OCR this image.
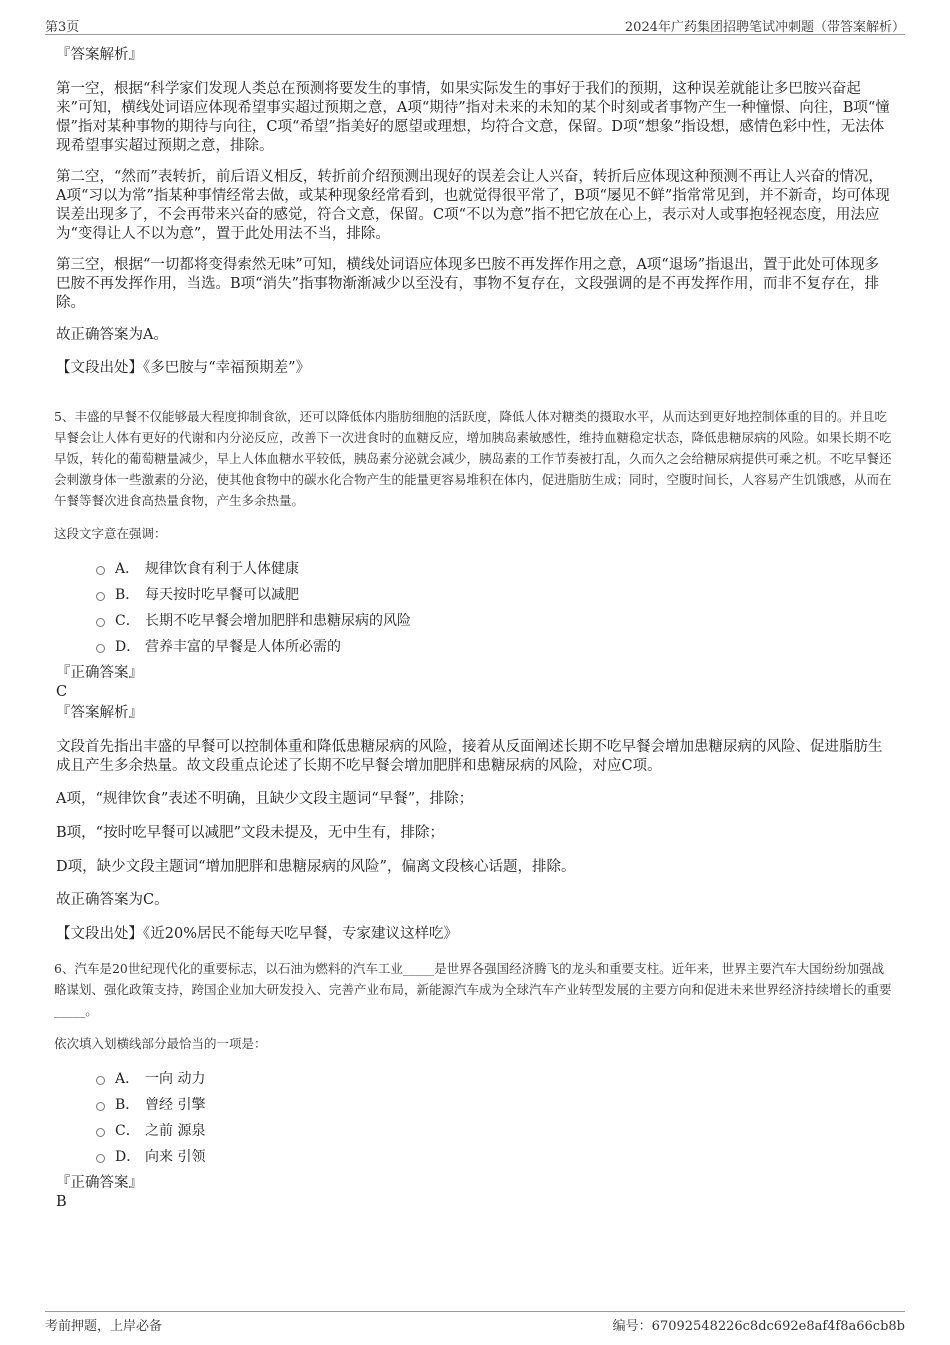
第3页	2024年广药集团招聘笔试冲刺题（带答案解析）

『答案解析』

第一空，根据“科学家们发现人类总在预测将要发生的事情，如果实际发生的事好于我们的预期，这种误差就能让多巴胺兴奋起来”可知，横线处词语应体现希望事实超过预期之意，A项“期待”指对未来的未知的某个时刻或者事物产生一种憧憬、向往，B项“憧憬”指对某种事物的期待与向往，C项“希望”指美好的愿望或理想，均符合文意，保留。D项“想象”指设想，感情色彩中性，无法体现希望事实超过预期之意，排除。

第二空，“然而”表转折，前后语义相反，转折前介绍预测出现好的误差会让人兴奋，转折后应体现这种预测不再让人兴奋的情况，A项“习以为常”指某种事情经常去做，或某种现象经常看到，也就觉得很平常了，B项“屡见不鲜”指常常见到，并不新奇，均可体现误差出现多了，不会再带来兴奋的感觉，符合文意，保留。C项“不以为意”指不把它放在心上，表示对人或事抱轻视态度，用法应为“变得让人不以为意”，置于此处用法不当，排除。

第三空，根据“一切都将变得索然无味”可知，横线处词语应体现多巴胺不再发挥作用之意，A项“退场”指退出，置于此处可体现多巴胺不再发挥作用，当选。B项“消失”指事物渐渐减少以至没有，事物不复存在，文段强调的是不再发挥作用，而非不复存在，排除。

故正确答案为A。

【文段出处】《多巴胺与“幸福预期差”》

5、丰盛的早餐不仅能够最大程度抑制食欲，还可以降低体内脂肪细胞的活跃度，降低人体对糖类的摄取水平，从而达到更好地控制体重的目的。并且吃早餐会让人体有更好的代谢和内分泌反应，改善下一次进食时的血糖反应，增加胰岛素敏感性，维持血糖稳定状态，降低患糖尿病的风险。如果长期不吃早饭，转化的葡萄糖量减少，早上人体血糖水平较低，胰岛素分泌就会减少，胰岛素的工作节奏被打乱，久而久之会给糖尿病提供可乘之机。不吃早餐还会刺激身体一些激素的分泌，使其他食物中的碳水化合物产生的能量更容易堆积在体内，促进脂肪生成；同时，空腹时间长，人容易产生饥饿感，从而在午餐等餐次进食高热量食物，产生多余热量。

这段文字意在强调：

A． 规律饮食有利于人体健康
B． 每天按时吃早餐可以减肥
C． 长期不吃早餐会增加肥胖和患糖尿病的风险
D． 营养丰富的早餐是人体所必需的

『正确答案』

C

『答案解析』

文段首先指出丰盛的早餐可以控制体重和降低患糖尿病的风险，接着从反面阐述长期不吃早餐会增加患糖尿病的风险、促进脂肪生成且产生多余热量。故文段重点论述了长期不吃早餐会增加肥胖和患糖尿病的风险，对应C项。

A项，“规律饮食”表述不明确，且缺少文段主题词“早餐”，排除；

B项，“按时吃早餐可以减肥”文段未提及，无中生有，排除；

D项，缺少文段主题词“增加肥胖和患糖尿病的风险”，偏离文段核心话题，排除。

故正确答案为C。

【文段出处】《近20%居民不能每天吃早餐，专家建议这样吃》

6、汽车是20世纪现代化的重要标志，以石油为燃料的汽车工业_____是世界各强国经济腾飞的龙头和重要支柱。近年来，世界主要汽车大国纷纷加强战略谋划、强化政策支持，跨国企业加大研发投入、完善产业布局，新能源汽车成为全球汽车产业转型发展的主要方向和促进未来世界经济持续增长的重要_____。

依次填入划横线部分最恰当的一项是：

A． 一向 动力
B． 曾经 引擎
C． 之前 源泉
D． 向来 引领

『正确答案』

B
考前押题，上岸必备	编号：67092548226c8dc692e8af4f8a66cb8b
